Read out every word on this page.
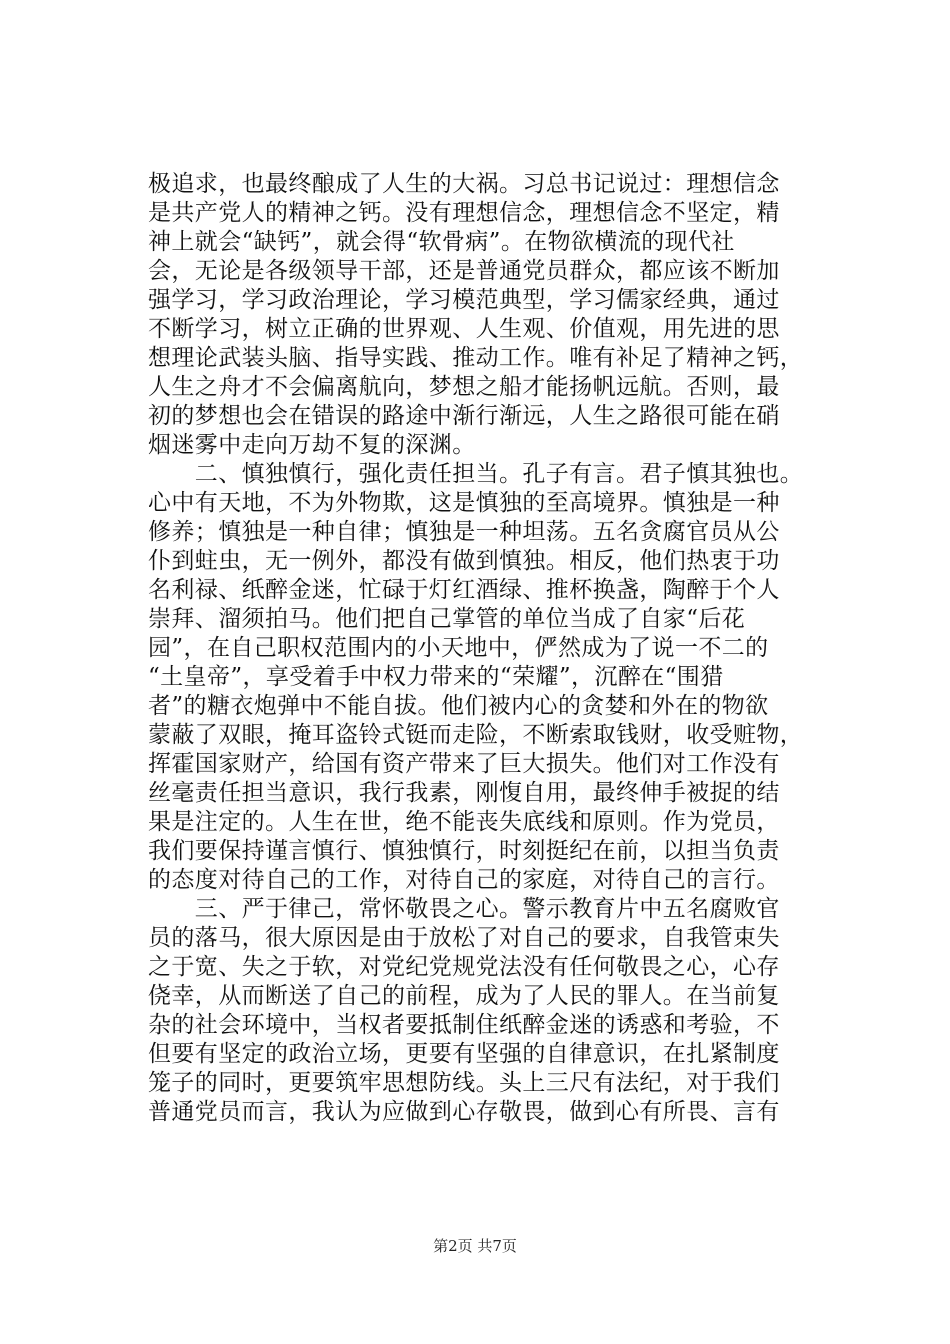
极追求，也最终酿成了人生的大祸。习总书记说过：理想信念
是共产党人的精神之钙。没有理想信念，理想信念不坚定，精
神上就会“缺钙”，就会得“软骨病”。在物欲横流的现代社
会，无论是各级领导干部，还是普通党员群众，都应该不断加
强学习，学习政治理论，学习模范典型，学习儒家经典，通过
不断学习，树立正确的世界观、人生观、价值观，用先进的思
想理论武装头脑、指导实践、推动工作。唯有补足了精神之钙，
人生之舟才不会偏离航向，梦想之船才能扬帆远航。否则，最
初的梦想也会在错误的路途中渐行渐远，人生之路很可能在硝
烟迷雾中走向万劫不复的深渊。
　　二、慎独慎行，强化责任担当。孔子有言。君子慎其独也。
心中有天地，不为外物欺，这是慎独的至高境界。慎独是一种
修养；慎独是一种自律；慎独是一种坦荡。五名贪腐官员从公
仆到蛀虫，无一例外，都没有做到慎独。相反，他们热衷于功
名利禄、纸醉金迷，忙碌于灯红酒绿、推杯换盏，陶醉于个人
崇拜、溜须拍马。他们把自己掌管的单位当成了自家“后花
园”，在自己职权范围内的小天地中，俨然成为了说一不二的
“土皇帝”，享受着手中权力带来的“荣耀”，沉醉在“围猎
者”的糖衣炮弹中不能自拔。他们被内心的贪婪和外在的物欲
蒙蔽了双眼，掩耳盗铃式铤而走险，不断索取钱财，收受赃物，
挥霍国家财产，给国有资产带来了巨大损失。他们对工作没有
丝毫责任担当意识，我行我素，刚愎自用，最终伸手被捉的结
果是注定的。人生在世，绝不能丧失底线和原则。作为党员，
我们要保持谨言慎行、慎独慎行，时刻挺纪在前，以担当负责
的态度对待自己的工作，对待自己的家庭，对待自己的言行。
　　三、严于律己，常怀敬畏之心。警示教育片中五名腐败官
员的落马，很大原因是由于放松了对自己的要求，自我管束失
之于宽、失之于软，对党纪党规党法没有任何敬畏之心，心存
侥幸，从而断送了自己的前程，成为了人民的罪人。在当前复
杂的社会环境中，当权者要抵制住纸醉金迷的诱惑和考验，不
但要有坚定的政治立场，更要有坚强的自律意识，在扎紧制度
笼子的同时，更要筑牢思想防线。头上三尺有法纪，对于我们
普通党员而言，我认为应做到心存敬畏，做到心有所畏、言有
第2页 共7页
